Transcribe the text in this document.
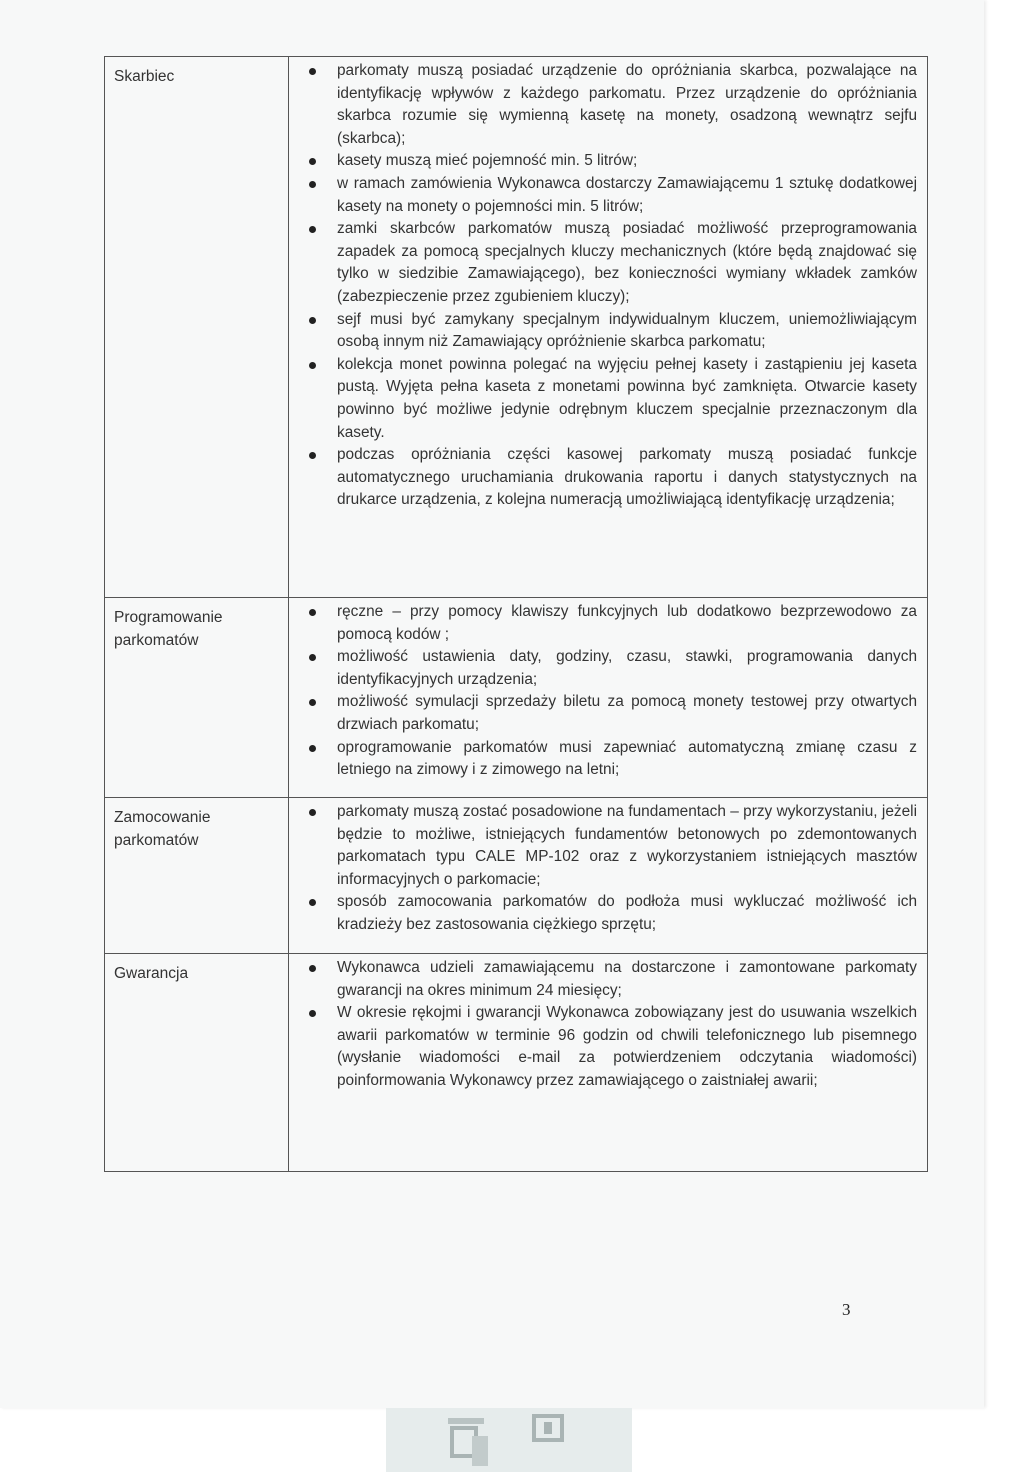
Skarbiec	parkomaty muszą posiadać urządzenie do opróżniania skarbca, pozwalające na identyfikację wpływów z każdego parkomatu. Przez urządzenie do opróżniania skarbca rozumie się wymienną kasetę na monety, osadzoną wewnątrz sejfu (skarbca);
kasety muszą mieć pojemność min. 5 litrów;
w ramach zamówienia Wykonawca dostarczy Zamawiającemu 1 sztukę dodatkowej kasety na monety o pojemności min. 5 litrów;
zamki skarbców parkomatów muszą posiadać możliwość przeprogramowania zapadek za pomocą specjalnych kluczy mechanicznych (które będą znajdować się tylko w siedzibie Zamawiającego), bez konieczności wymiany wkładek zamków (zabezpieczenie przez zgubieniem kluczy);
sejf musi być zamykany specjalnym indywidualnym kluczem, uniemożliwiającym osobą innym niż Zamawiający opróżnienie skarbca parkomatu;
kolekcja monet powinna polegać na wyjęciu pełnej kasety i zastąpieniu jej kaseta pustą. Wyjęta pełna kaseta z monetami powinna być zamknięta. Otwarcie kasety powinno być możliwe jedynie odrębnym kluczem specjalnie przeznaczonym dla kasety.
podczas opróżniania części kasowej parkomaty muszą posiadać funkcje automatycznego uruchamiania drukowania raportu i danych statystycznych na drukarce urządzenia, z kolejna numeracją umożliwiającą identyfikację urządzenia;
Programowanie parkomatów
ręczne – przy pomocy klawiszy funkcyjnych lub dodatkowo bezprzewodowo za pomocą kodów ;
możliwość ustawienia daty, godziny, czasu, stawki, programowania danych identyfikacyjnych urządzenia;
możliwość symulacji sprzedaży biletu za pomocą monety testowej przy otwartych drzwiach parkomatu;
oprogramowanie parkomatów musi zapewniać automatyczną zmianę czasu z letniego na zimowy i z zimowego na letni;
Zamocowanie parkomatów
parkomaty muszą zostać posadowione na fundamentach – przy wykorzystaniu, jeżeli będzie to możliwe, istniejących fundamentów betonowych po zdemontowanych parkomatach typu CALE MP-102 oraz z wykorzystaniem istniejących masztów informacyjnych o parkomacie;
sposób zamocowania parkomatów do podłoża musi wykluczać możliwość ich kradzieży bez zastosowania ciężkiego sprzętu;
Gwarancja	Wykonawca udzieli zamawiającemu na dostarczone i zamontowane parkomaty gwarancji na okres minimum 24 miesięcy;
W okresie rękojmi i gwarancji Wykonawca zobowiązany jest do usuwania wszelkich awarii parkomatów w terminie 96 godzin od chwili telefonicznego lub pisemnego (wysłanie wiadomości e-mail za potwierdzeniem odczytania wiadomości) poinformowania Wykonawcy przez zamawiającego o zaistniałej awarii;
3
